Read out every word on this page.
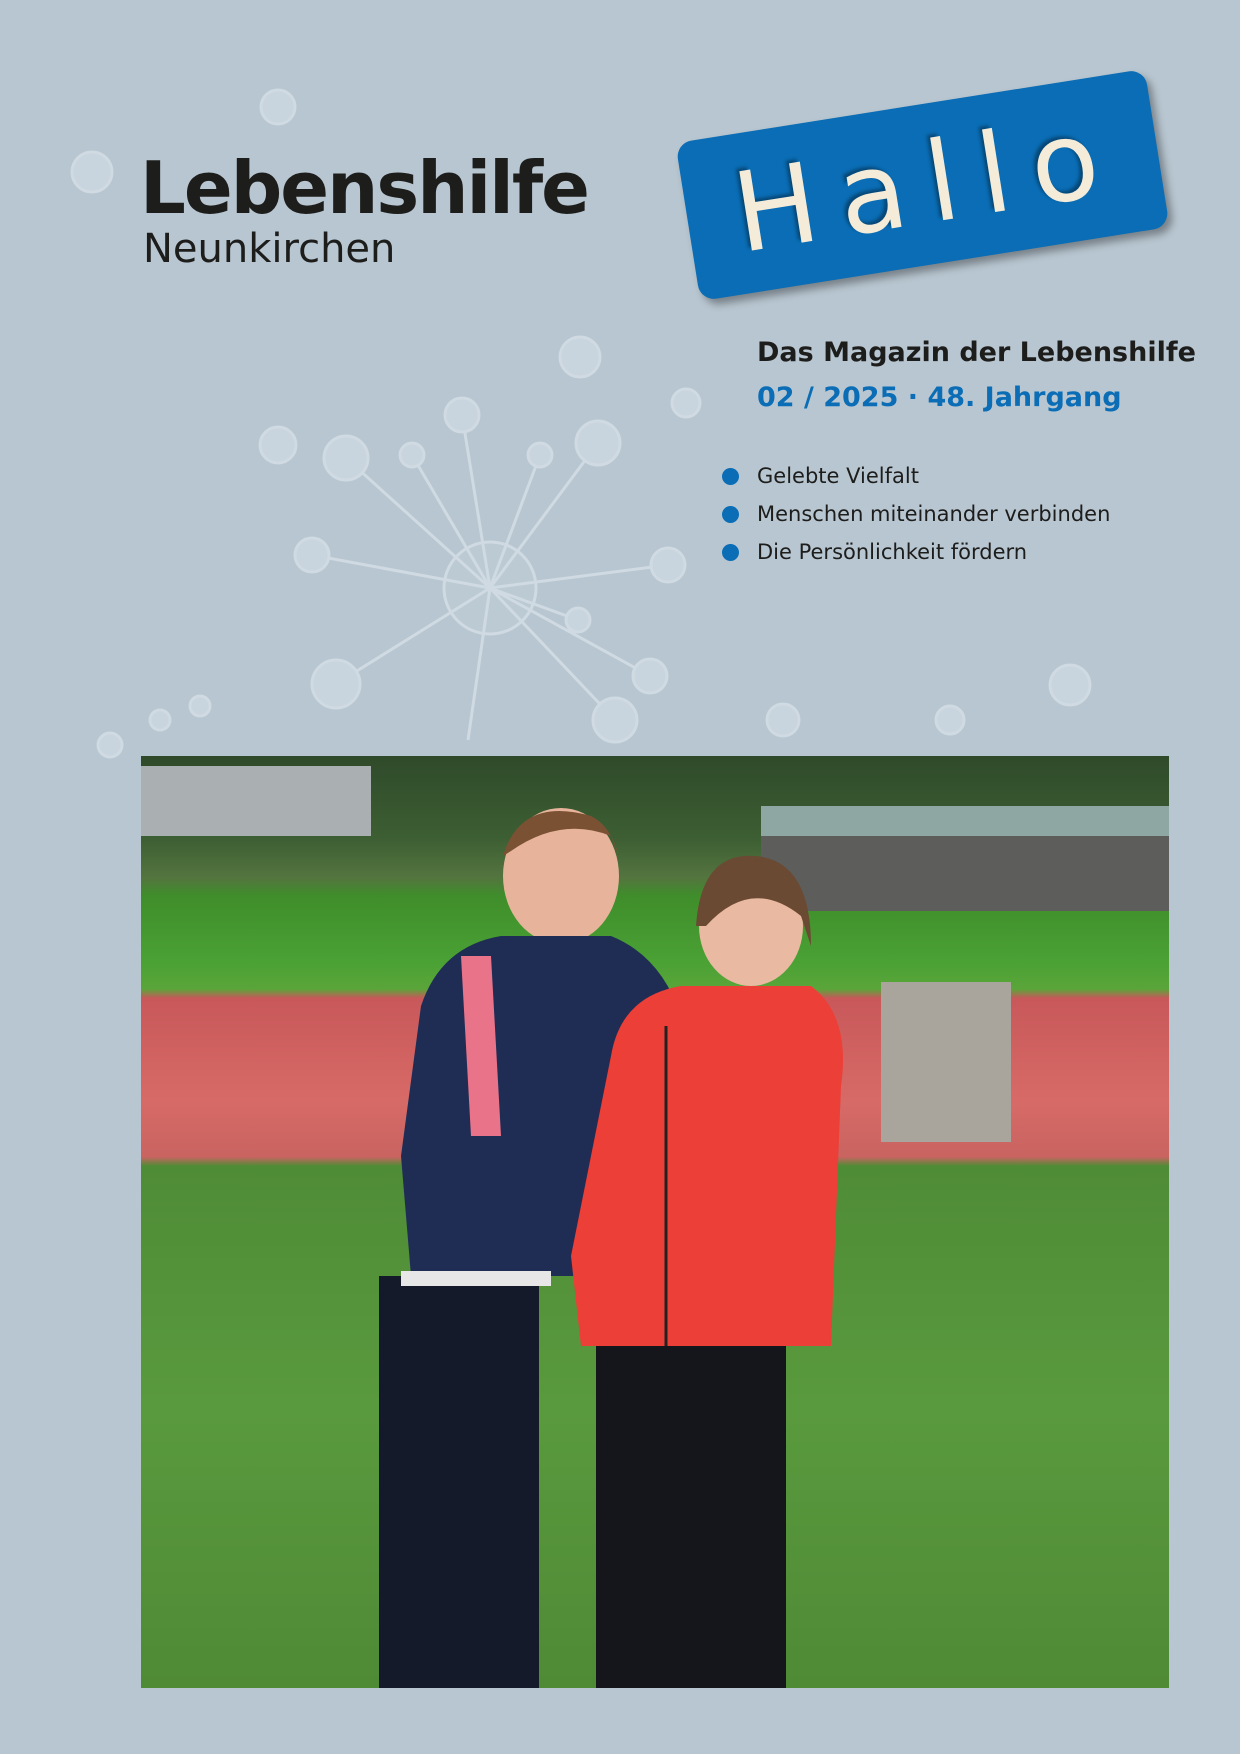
Lebenshilfe
Neunkirchen	Hallo
Das Magazin der Lebenshilfe
02 / 2025 · 48. Jahrgang
Gelebte Vielfalt
Menschen miteinander verbinden
Die Persönlichkeit fördern
